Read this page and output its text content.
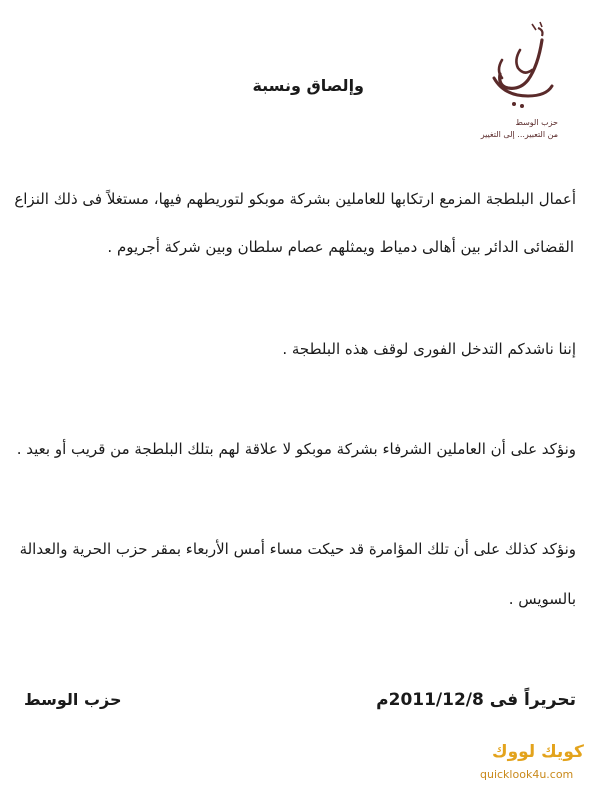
حزب الوسط
من التعبير... إلى التغيير
وإلصاق ونسبة
أعمال البلطجة المزمع ارتكابها للعاملين بشركة موبكو لتوريطهم فيها، مستغلاً فى ذلك النزاع
القضائى الدائر بين أهالى دمياط ويمثلهم عصام سلطان وبين شركة أجريوم .
إننا ناشدكم التدخل الفورى لوقف هذه البلطجة .
ونؤكد على أن العاملين الشرفاء بشركة موبكو لا علاقة لهم بتلك البلطجة من قريب أو بعيد .
ونؤكد كذلك على أن تلك المؤامرة قد حيكت مساء أمس الأربعاء بمقر حزب الحرية والعدالة
بالسويس .
تحريراً فى 2011/12/8م
حزب الوسط
كويك لووك
quicklook4u.com
